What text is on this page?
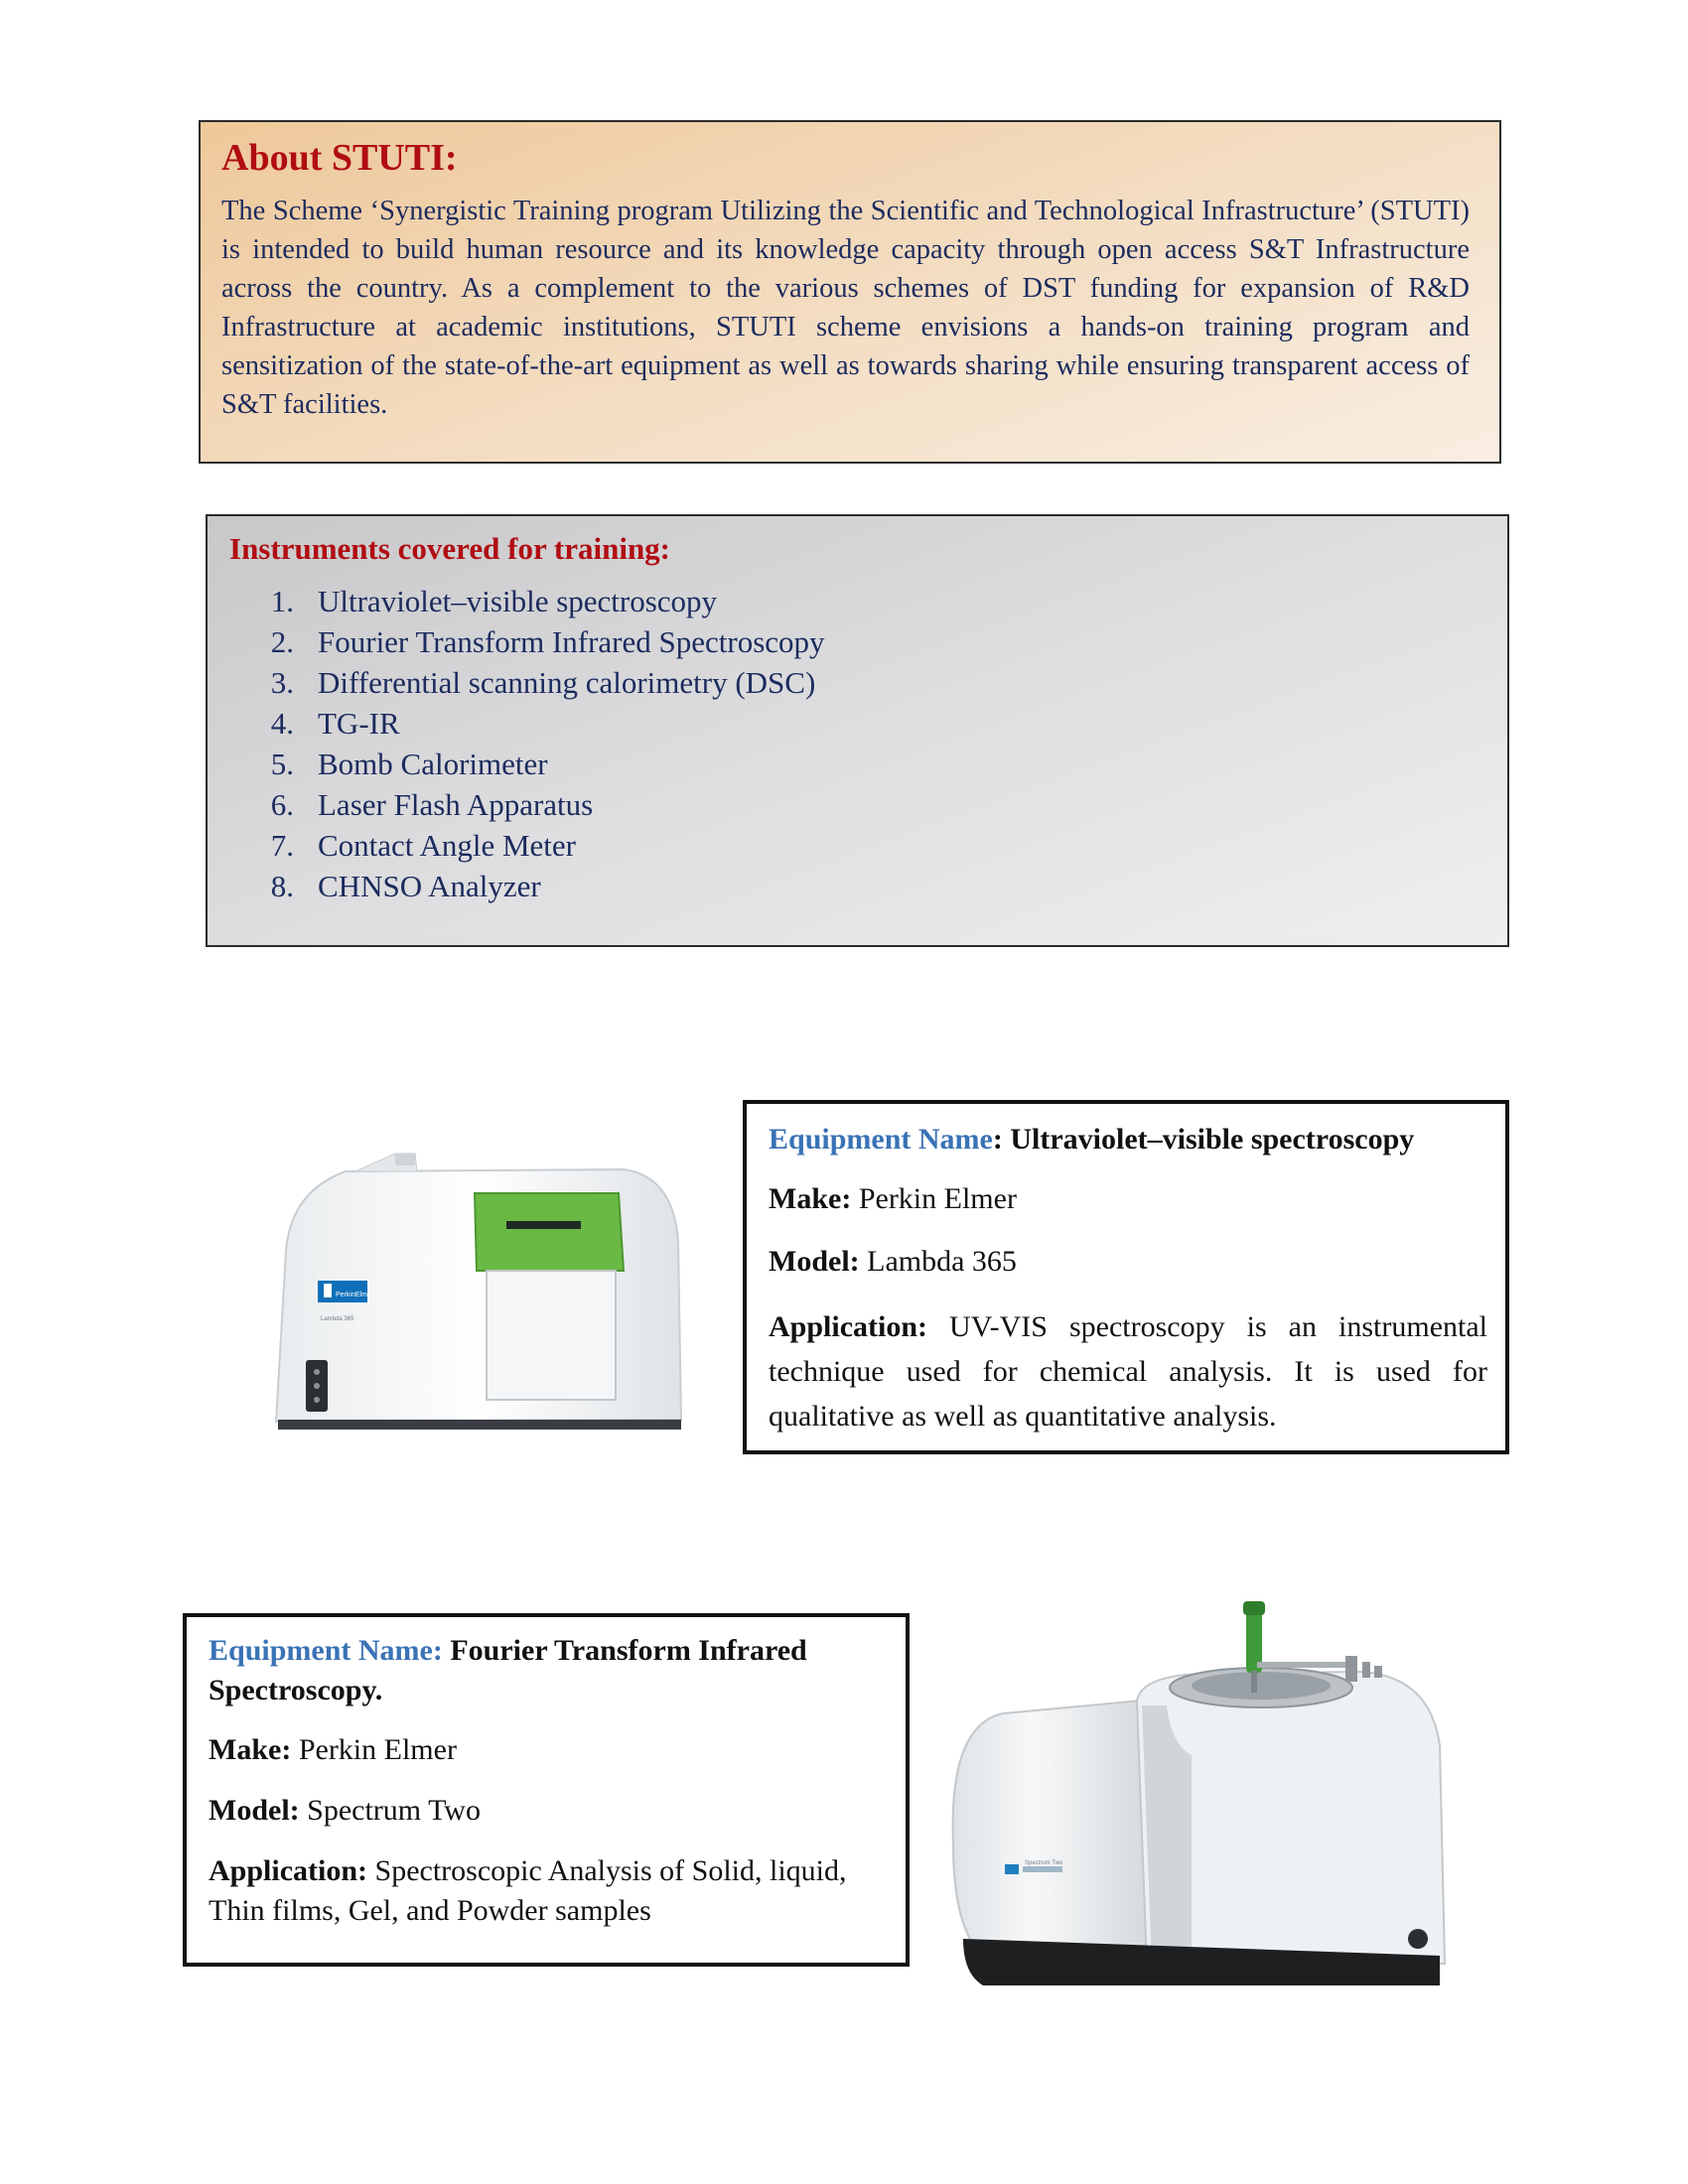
About STUTI:

The Scheme ‘Synergistic Training program Utilizing the Scientific and Technological Infrastructure’ (STUTI) is intended to build human resource and its knowledge capacity through open access S&T Infrastructure across the country. As a complement to the various schemes of DST funding for expansion of R&D Infrastructure at academic institutions, STUTI scheme envisions a hands-on training program and sensitization of the state-of-the-art equipment as well as towards sharing while ensuring transparent access of S&T facilities.

Instruments covered for training:
1. Ultraviolet–visible spectroscopy
2. Fourier Transform Infrared Spectroscopy
3. Differential scanning calorimetry (DSC)
4. TG-IR
5. Bomb Calorimeter
6. Laser Flash Apparatus
7. Contact Angle Meter
8. CHNSO Analyzer
PerkinElmer
Lambda 365

Equipment Name: Ultraviolet–visible spectroscopy

Make: Perkin Elmer

Model: Lambda 365

Application: UV-VIS spectroscopy is an instrumental technique used for chemical analysis. It is used for qualitative as well as quantitative analysis.

Equipment Name: Fourier Transform Infrared Spectroscopy.

Make: Perkin Elmer

Model: Spectrum Two

Application: Spectroscopic Analysis of Solid, liquid, Thin films, Gel, and Powder samples

Spectrum Two
